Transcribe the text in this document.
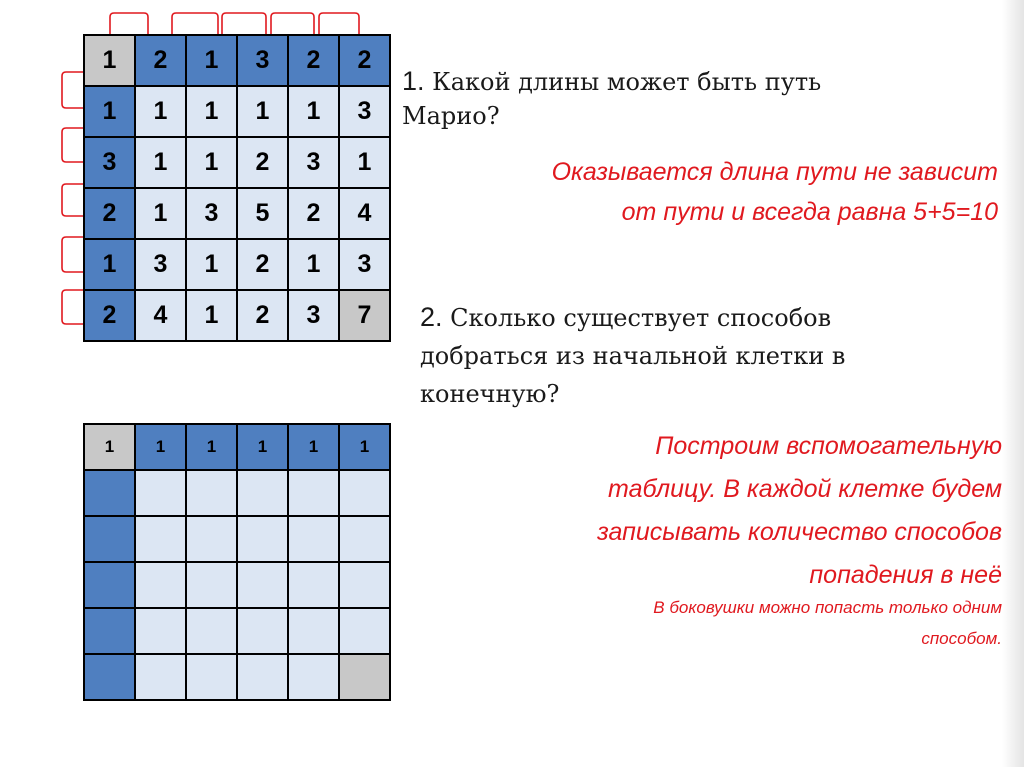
1	2	1	3	2	2
1	1	1	1	1	3
3	1	1	2	3	1
2	1	3	5	2	4
1	3	1	2	1	3
2	4	1	2	3	7
1	1	1	1	1	1

1. Какой длины может быть путь
Марио?
Оказывается длина пути не зависит
от пути и всегда равна 5+5=10
2. Сколько существует способов
добраться из начальной клетки в
конечную?
Построим вспомогательную
таблицу. В каждой клетке будем
записывать количество способов
попадения в неё
В боковушки можно попасть только одним
способом.
